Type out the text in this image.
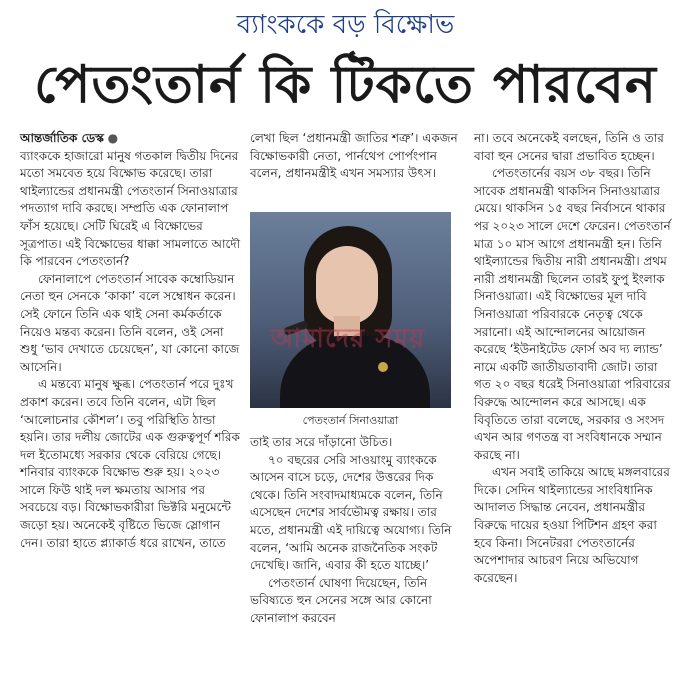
ব্যাংককে বড় বিক্ষোভ
পেতংতার্ন কি টিকতে পারবেন

আন্তর্জাতিক ডেস্ক ●

ব্যাংককে হাজারো মানুষ গতকাল দ্বিতীয় দিনের মতো সমবেত হয়ে বিক্ষোভ করেছে। তারা থাইল্যান্ডের প্রধানমন্ত্রী পেতংতার্ন সিনাওয়াত্রার পদত্যাগ দাবি করছে। সম্প্রতি এক ফোনালাপ ফাঁস হয়েছে। সেটি ঘিরেই এ বিক্ষোভের সূত্রপাত। এই বিক্ষোভের ধাক্কা সামলাতে আদৌ কি পারবেন পেতংতার্ন?

ফোনালাপে পেতংতার্ন সাবেক কম্বোডিয়ান নেতা হুন সেনকে ‘কাকা’ বলে সম্বোধন করেন। সেই ফোনে তিনি এক থাই সেনা কর্মকর্তাকে নিয়েও মন্তব্য করেন। তিনি বলেন, ওই সেনা শুধু ‘ভাব দেখাতে চেয়েছেন’, যা কোনো কাজে আসেনি।

এ মন্তব্যে মানুষ ক্ষুব্ধ। পেতংতার্ন পরে দুঃখ প্রকাশ করেন। তবে তিনি বলেন, এটা ছিল ‘আলোচনার কৌশল’। তবু পরিস্থিতি ঠান্ডা হয়নি। তার দলীয় জোটের এক গুরুত্বপূর্ণ শরিক দল ইতোমধ্যে সরকার থেকে বেরিয়ে গেছে। শনিবার ব্যাংককে বিক্ষোভ শুরু হয়। ২০২৩ সালে ফিউ থাই দল ক্ষমতায় আসার পর সবচেয়ে বড়। বিক্ষোভকারীরা ভিক্টরি মনুমেন্টে জড়ো হয়। অনেকেই বৃষ্টিতে ভিজে স্লোগান দেন। তারা হাতে প্ল্যাকার্ড ধরে রাখেন, তাতে

লেখা ছিল ‘প্রধানমন্ত্রী জাতির শত্রু’। একজন বিক্ষোভকারী নেতা, পার্নথেপ পোর্পংপান বলেন, প্রধানমন্ত্রীই এখন সমস্যার উৎস।

আমাদের সময়
পেতংতার্ন সিনাওয়াত্রা

তাই তার সরে দাঁড়ানো উচিত।

৭০ বছরের সেরি সাওয়াংমু ব্যাংককে আসেন বাসে চড়ে, দেশের উত্তরের দিক থেকে। তিনি সংবাদমাধ্যমকে বলেন, তিনি এসেছেন দেশের সার্বভৌমত্ব রক্ষায়। তার মতে, প্রধানমন্ত্রী এই দায়িত্বে অযোগ্য। তিনি বলেন, ‘আমি অনেক রাজনৈতিক সংকট দেখেছি। জানি, এবার কী হতে যাচ্ছে।’

পেতংতার্ন ঘোষণা দিয়েছেন, তিনি ভবিষ্যতে হুন সেনের সঙ্গে আর কোনো ফোনালাপ করবেন

না। তবে অনেকেই বলছেন, তিনি ও তার বাবা হুন সেনের দ্বারা প্রভাবিত হচ্ছেন।

পেতংতার্নের বয়স ৩৮ বছর। তিনি সাবেক প্রধানমন্ত্রী থাকসিন সিনাওয়াত্রার মেয়ে। থাকসিন ১৫ বছর নির্বাসনে থাকার পর ২০২৩ সালে দেশে ফেরেন। পেতংতার্ন মাত্র ১০ মাস আগে প্রধানমন্ত্রী হন। তিনি থাইল্যান্ডের দ্বিতীয় নারী প্রধানমন্ত্রী। প্রথম নারী প্রধানমন্ত্রী ছিলেন তারই ফুপু ইংলাক সিনাওয়াত্রা। এই বিক্ষোভের মূল দাবি সিনাওয়াত্রা পরিবারকে নেতৃত্ব থেকে সরানো। এই আন্দোলনের আয়োজন করেছে ‘ইউনাইটেড ফোর্স অব দ্য ল্যান্ড’ নামে একটি জাতীয়তাবাদী জোট। তারা গত ২০ বছর ধরেই সিনাওয়াত্রা পরিবারের বিরুদ্ধে আন্দোলন করে আসছে। এক বিবৃতিতে তারা বলেছে, সরকার ও সংসদ এখন আর গণতন্ত্র বা সংবিধানকে সম্মান করছে না।

এখন সবাই তাকিয়ে আছে মঙ্গলবারের দিকে। সেদিন থাইল্যান্ডের সাংবিধানিক আদালত সিদ্ধান্ত নেবেন, প্রধানমন্ত্রীর বিরুদ্ধে দায়ের হওয়া পিটিশন গ্রহণ করা হবে কিনা। সিনেটররা পেতংতার্নের অপেশাদার আচরণ নিয়ে অভিযোগ করেছেন।
